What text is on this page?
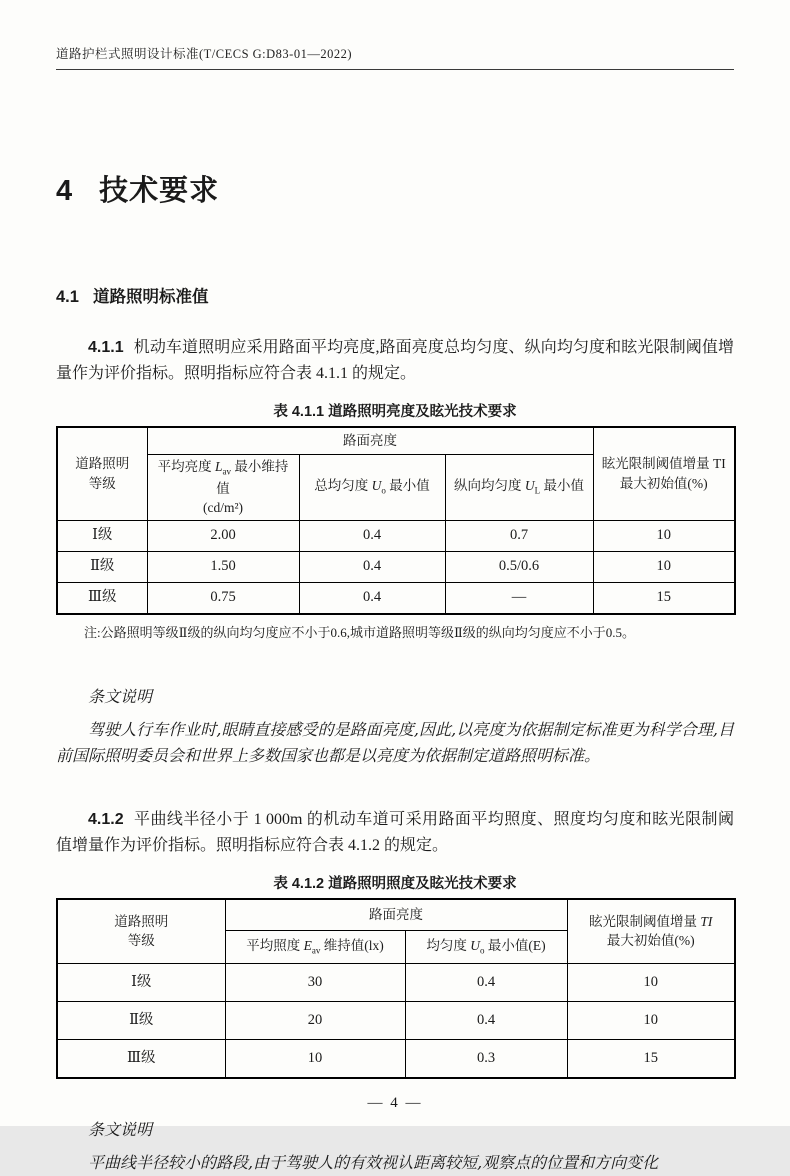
道路护栏式照明设计标准(T/CECS G:D83-01—2022)
4 技术要求
4.1 道路照明标准值

4.1.1 机动车道照明应采用路面平均亮度,路面亮度总均匀度、纵向均匀度和眩光限制阈值增量作为评价指标。照明指标应符合表 4.1.1 的规定。

表 4.1.1 道路照明亮度及眩光技术要求
道路照明
等级
	路面亮度	
眩光限制阈值增量 TI
最大初始值(%)

	平均亮度 $L_{av}$ 最小维持值
(cd/m²)	总均匀度 $U_o$ 最小值	纵向均匀度 $U_L$ 最小值	
Ⅰ级	2.00	0.4	0.7	10
Ⅱ级	1.50	0.4	0.5/0.6	10
Ⅲ级	0.75	0.4	—	15

注:公路照明等级Ⅱ级的纵向均匀度应不小于0.6,城市道路照明等级Ⅱ级的纵向均匀度应不小于0.5。

条文说明

驾驶人行车作业时,眼睛直接感受的是路面亮度,因此,以亮度为依据制定标准更为科学合理,目前国际照明委员会和世界上多数国家也都是以亮度为依据制定道路照明标准。

4.1.2 平曲线半径小于 1 000m 的机动车道可采用路面平均照度、照度均匀度和眩光限制阈值增量作为评价指标。照明指标应符合表 4.1.2 的规定。

表 4.1.2 道路照明照度及眩光技术要求
道路照明
等级
	路面亮度	眩光限制阈值增量 TI
最大初始值(%)

	平均照度 $E_{av}$ 维持值(lx)	均匀度 $U_o$ 最小值(E)	
Ⅰ级	30	0.4	10
Ⅱ级	20	0.4	10
Ⅲ级	10	0.3	15

条文说明

平曲线半径较小的路段,由于驾驶人的有效视认距离较短,观察点的位置和方向变化

— 4 —
